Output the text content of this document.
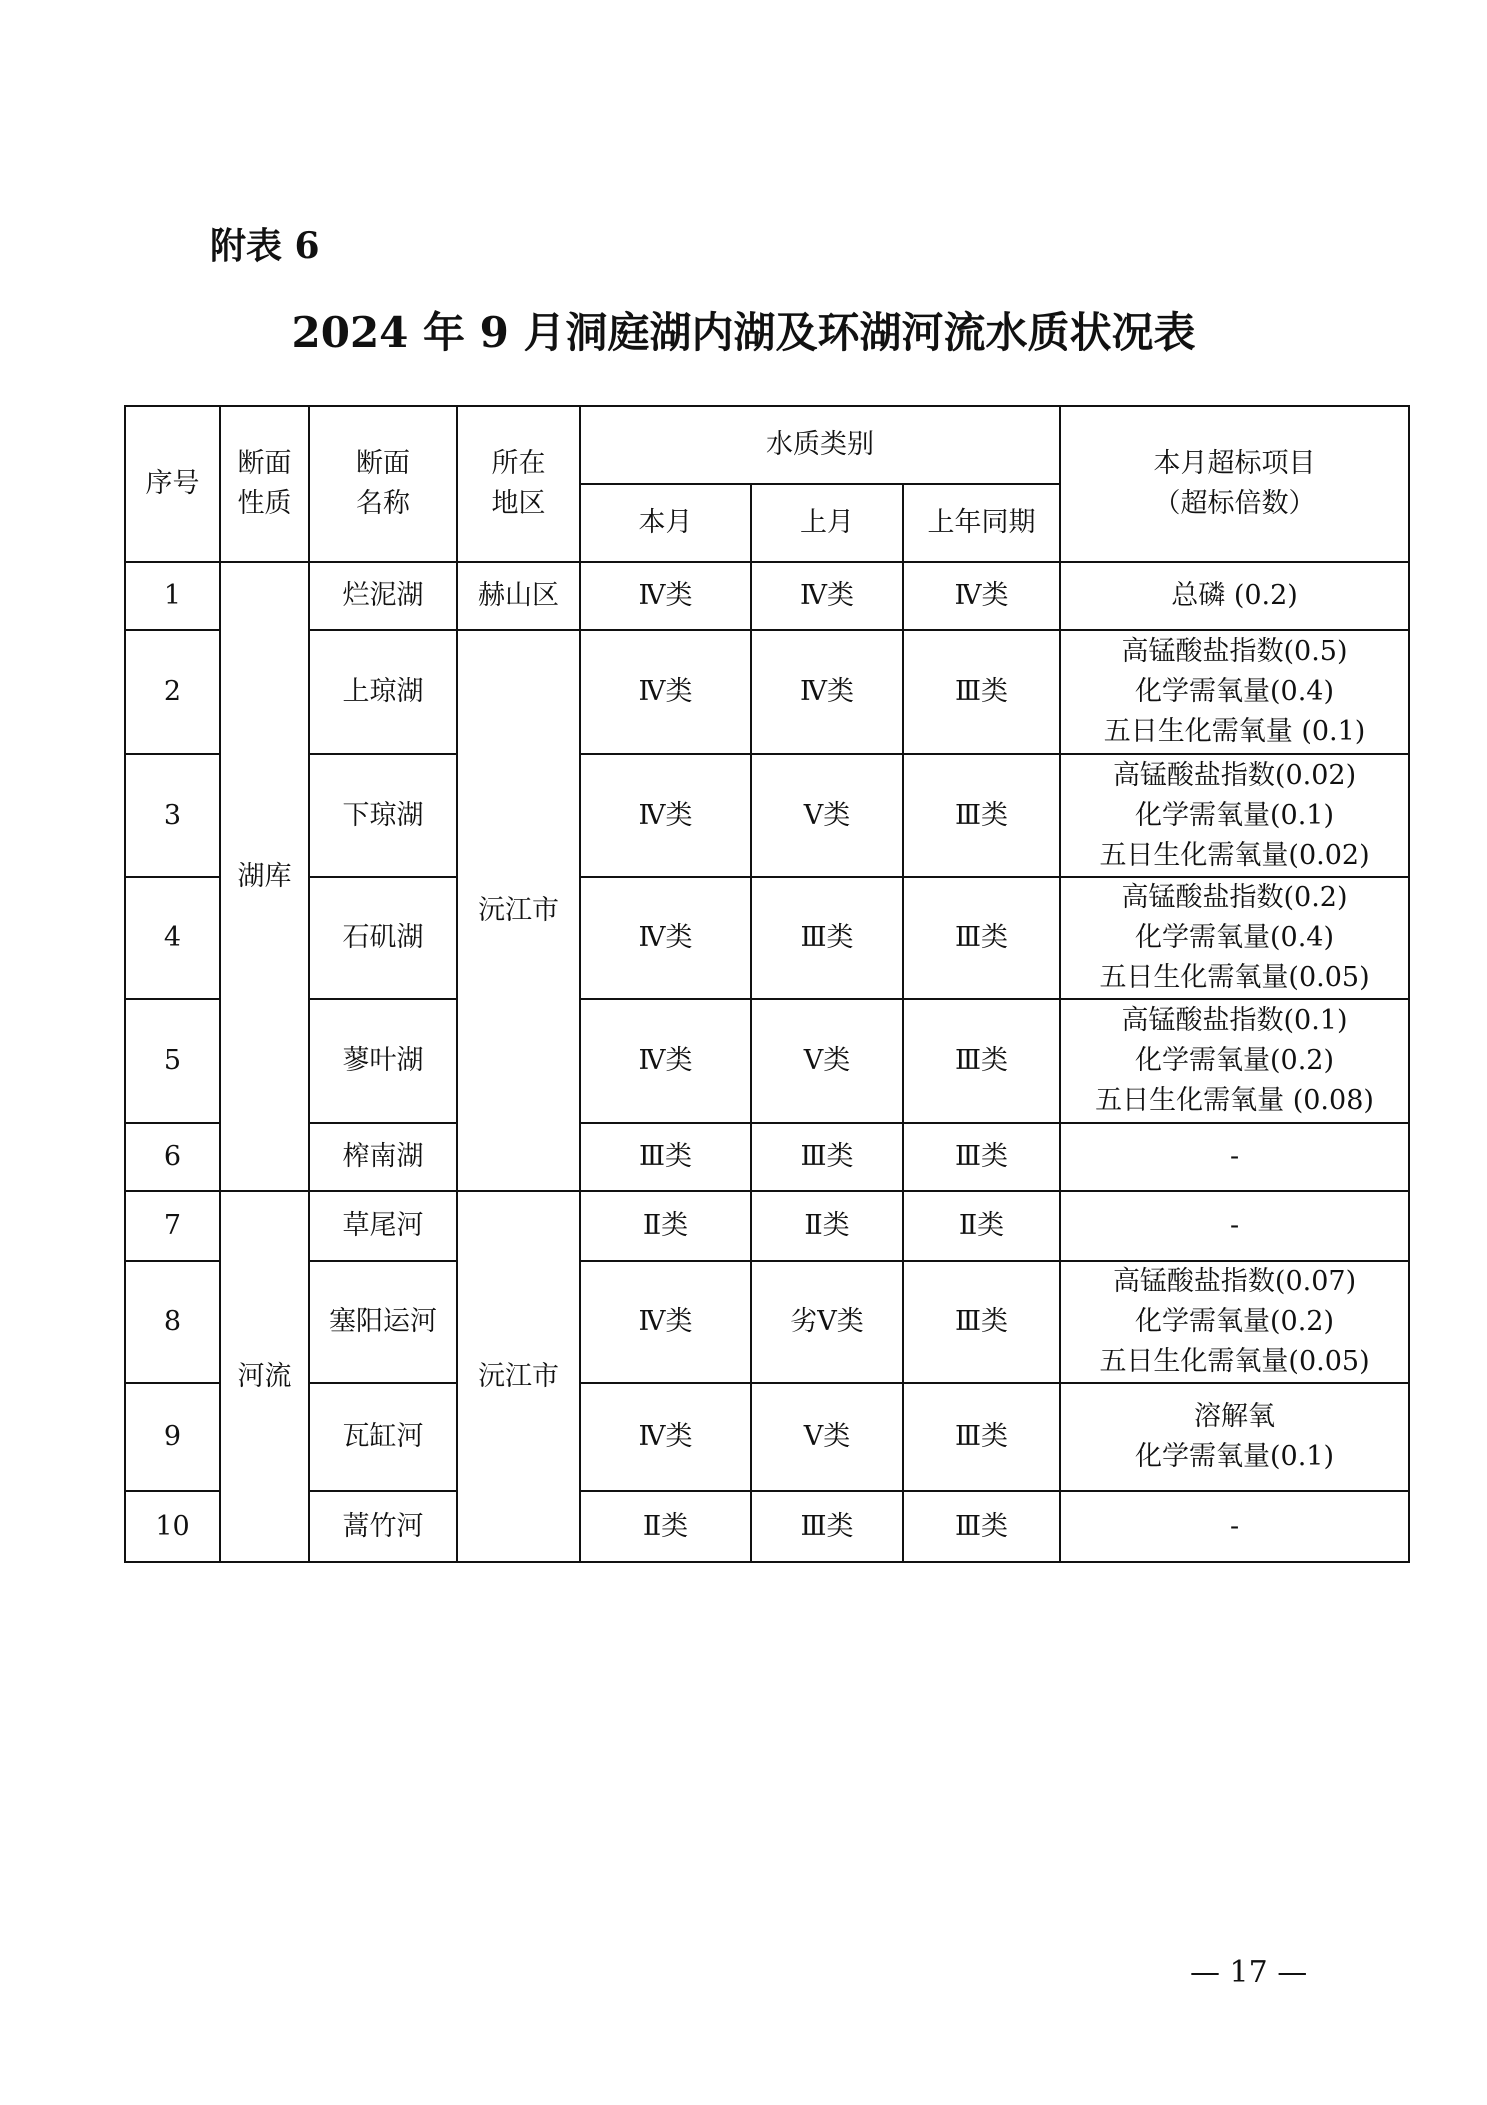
附表 6
2024 年 9 月洞庭湖内湖及环湖河流水质状况表
序号	断面性质	断面名称	所在地区	水质类别			本月超标项目
（超标倍数）

				本月	上月	上年同期	
1	湖库	烂泥湖	赫山区	Ⅳ类	Ⅳ类	Ⅳ类	总磷 (0.2)

2		上琼湖	沅江市	Ⅳ类	Ⅳ类	Ⅲ类	高锰酸盐指数(0.5)
化学需氧量(0.4)
五日生化需氧量 (0.1)

3		下琼湖		Ⅳ类	Ⅴ类	Ⅲ类	高锰酸盐指数(0.02)
化学需氧量(0.1)
五日生化需氧量(0.02)

4		石矶湖		Ⅳ类	Ⅲ类	Ⅲ类	高锰酸盐指数(0.2)
化学需氧量(0.4)
五日生化需氧量(0.05)

5		蓼叶湖		Ⅳ类	Ⅴ类	Ⅲ类	高锰酸盐指数(0.1)
化学需氧量(0.2)
五日生化需氧量 (0.08)

6		榨南湖		Ⅲ类	Ⅲ类	Ⅲ类	-

7	河流	草尾河	沅江市	Ⅱ类	Ⅱ类	Ⅱ类	-

8		塞阳运河		Ⅳ类	劣Ⅴ类	Ⅲ类	高锰酸盐指数(0.07)
化学需氧量(0.2)
五日生化需氧量(0.05)

9		瓦缸河		Ⅳ类	Ⅴ类	Ⅲ类	溶解氧
化学需氧量(0.1)

10		蒿竹河		Ⅱ类	Ⅲ类	Ⅲ类	-
— 17 —
